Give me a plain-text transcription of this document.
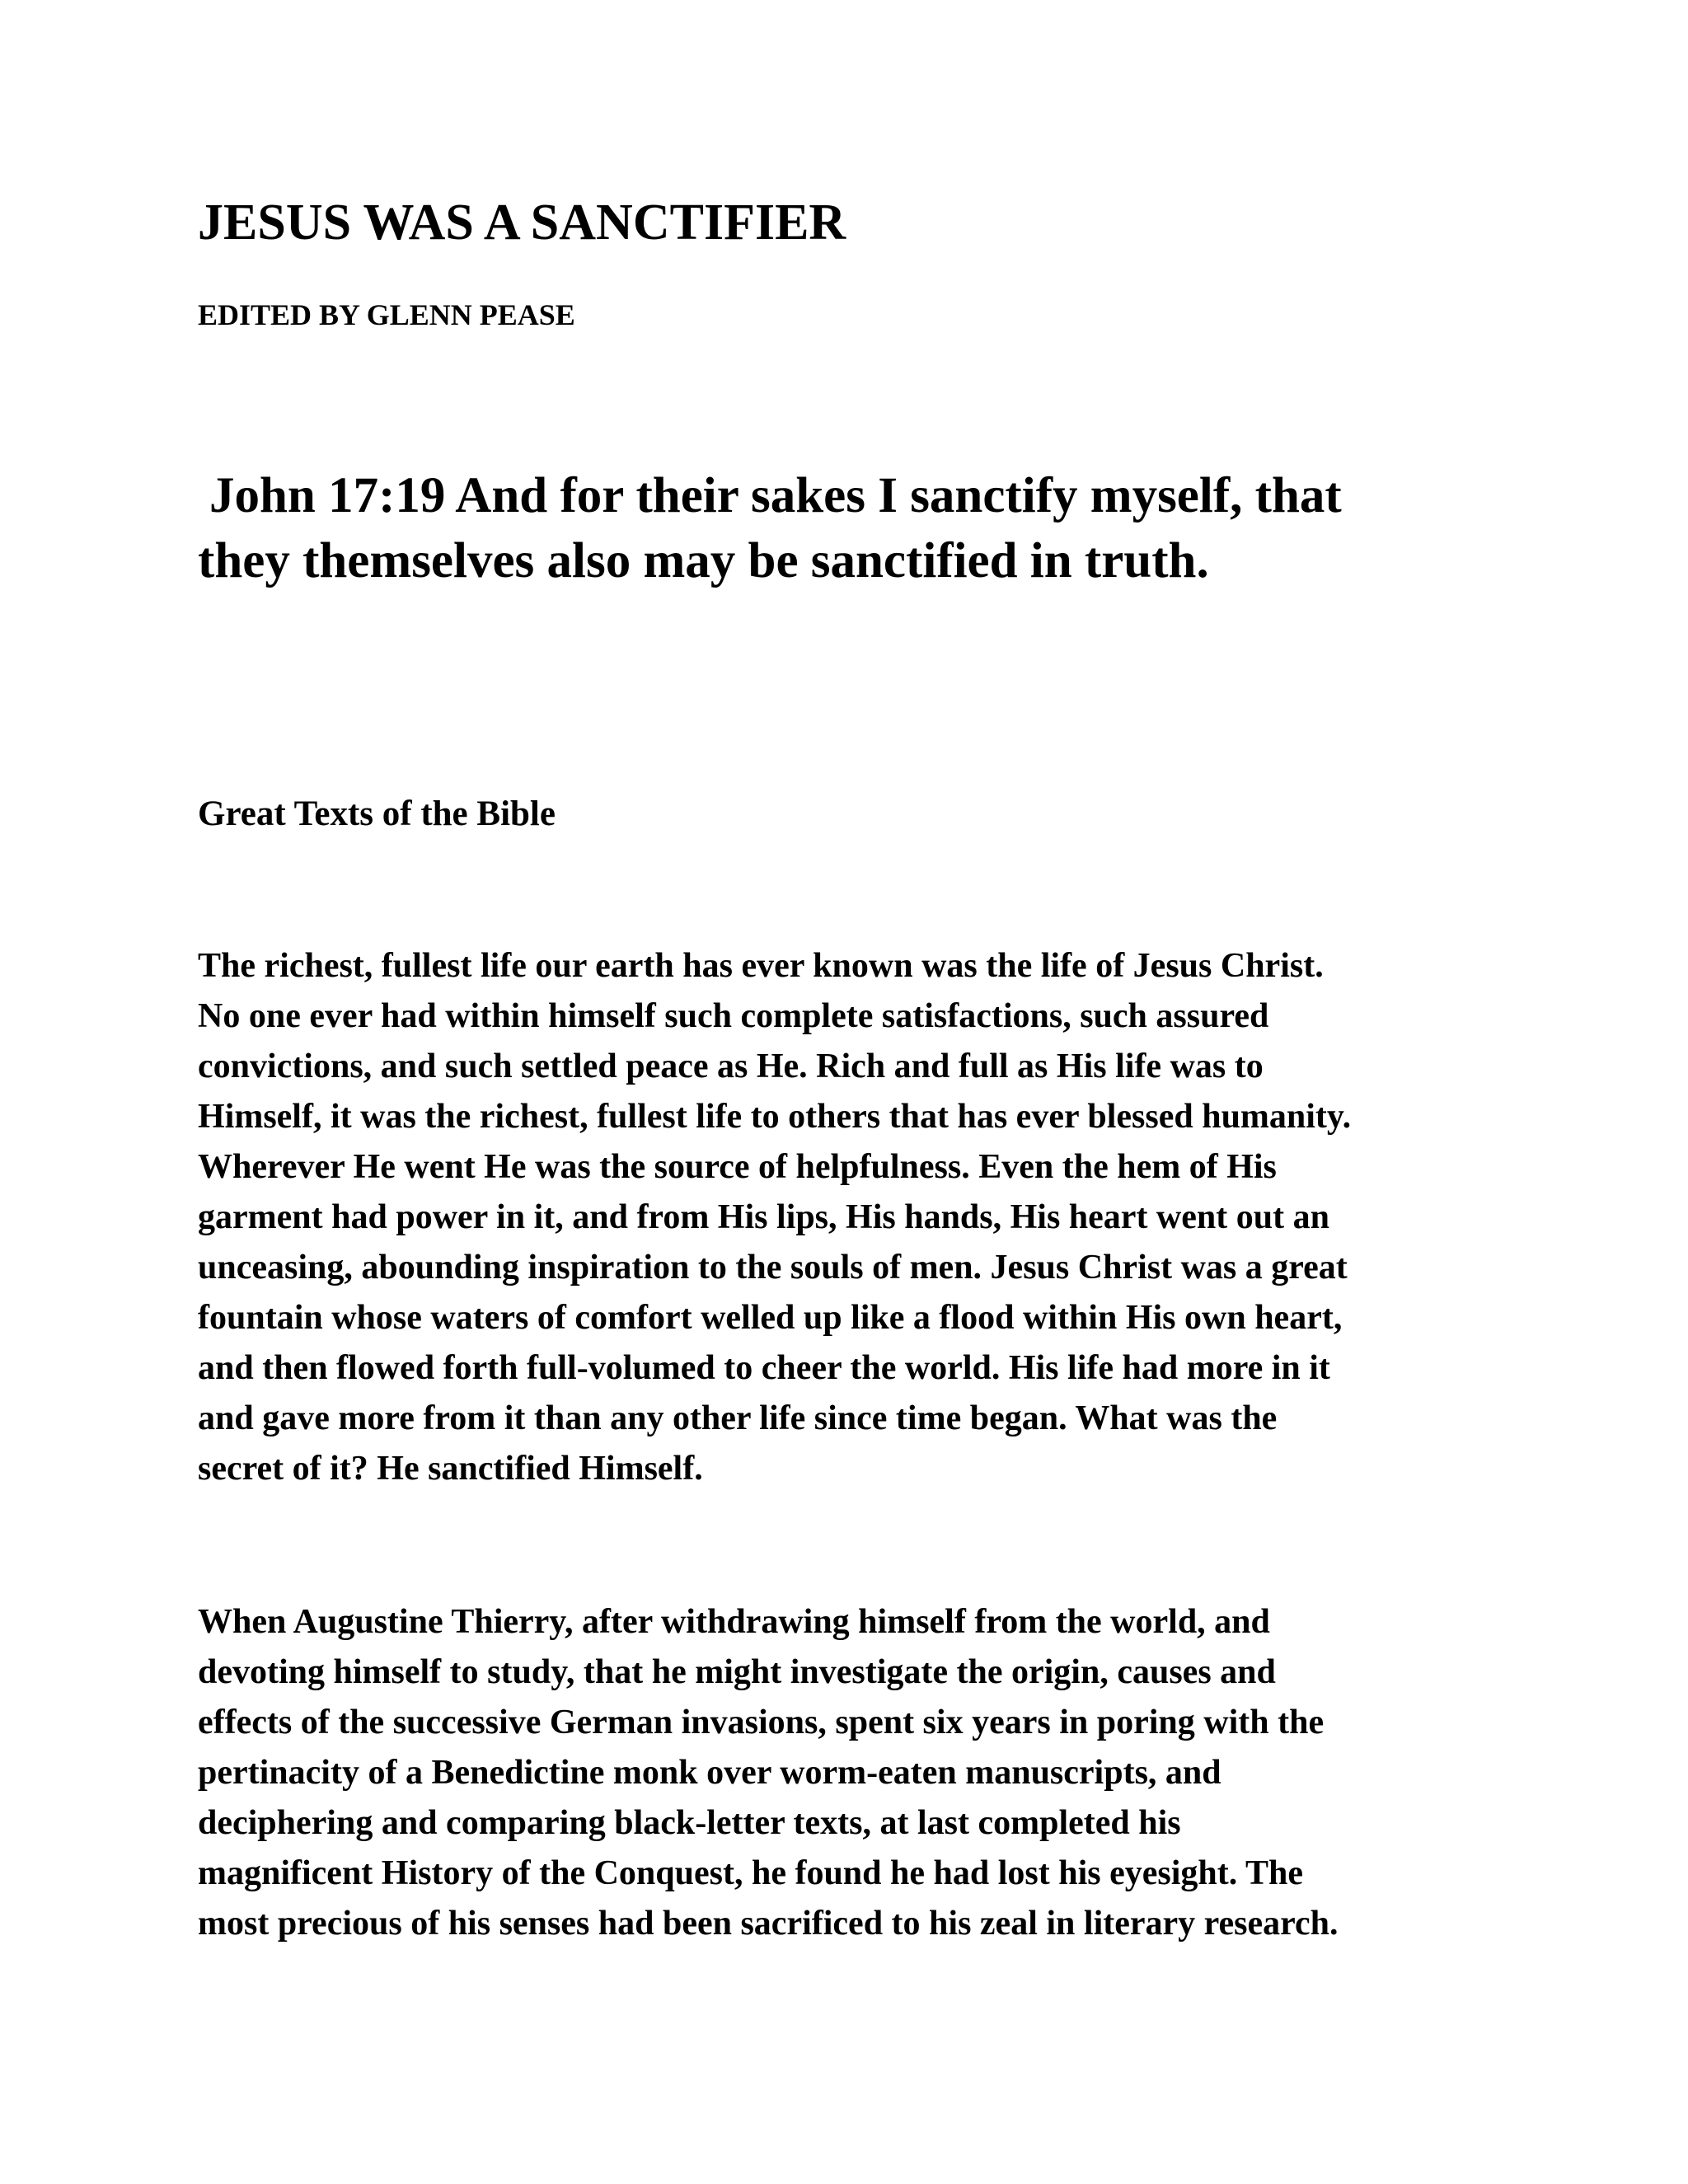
JESUS WAS A SANCTIFIER

EDITED BY GLENN PEASE

John 17:19 And for their sakes I sanctify myself, that
they themselves also may be sanctified in truth.

Great Texts of the Bible

The richest, fullest life our earth has ever known was the life of Jesus Christ.
No one ever had within himself such complete satisfactions, such assured
convictions, and such settled peace as He. Rich and full as His life was to
Himself, it was the richest, fullest life to others that has ever blessed humanity.
Wherever He went He was the source of helpfulness. Even the hem of His
garment had power in it, and from His lips, His hands, His heart went out an
unceasing, abounding inspiration to the souls of men. Jesus Christ was a great
fountain whose waters of comfort welled up like a flood within His own heart,
and then flowed forth full-volumed to cheer the world. His life had more in it
and gave more from it than any other life since time began. What was the
secret of it? He sanctified Himself.
When Augustine Thierry, after withdrawing himself from the world, and
devoting himself to study, that he might investigate the origin, causes and
effects of the successive German invasions, spent six years in poring with the
pertinacity of a Benedictine monk over worm-eaten manuscripts, and
deciphering and comparing black-letter texts, at last completed his
magnificent History of the Conquest, he found he had lost his eyesight. The
most precious of his senses had been sacrificed to his zeal in literary research.
